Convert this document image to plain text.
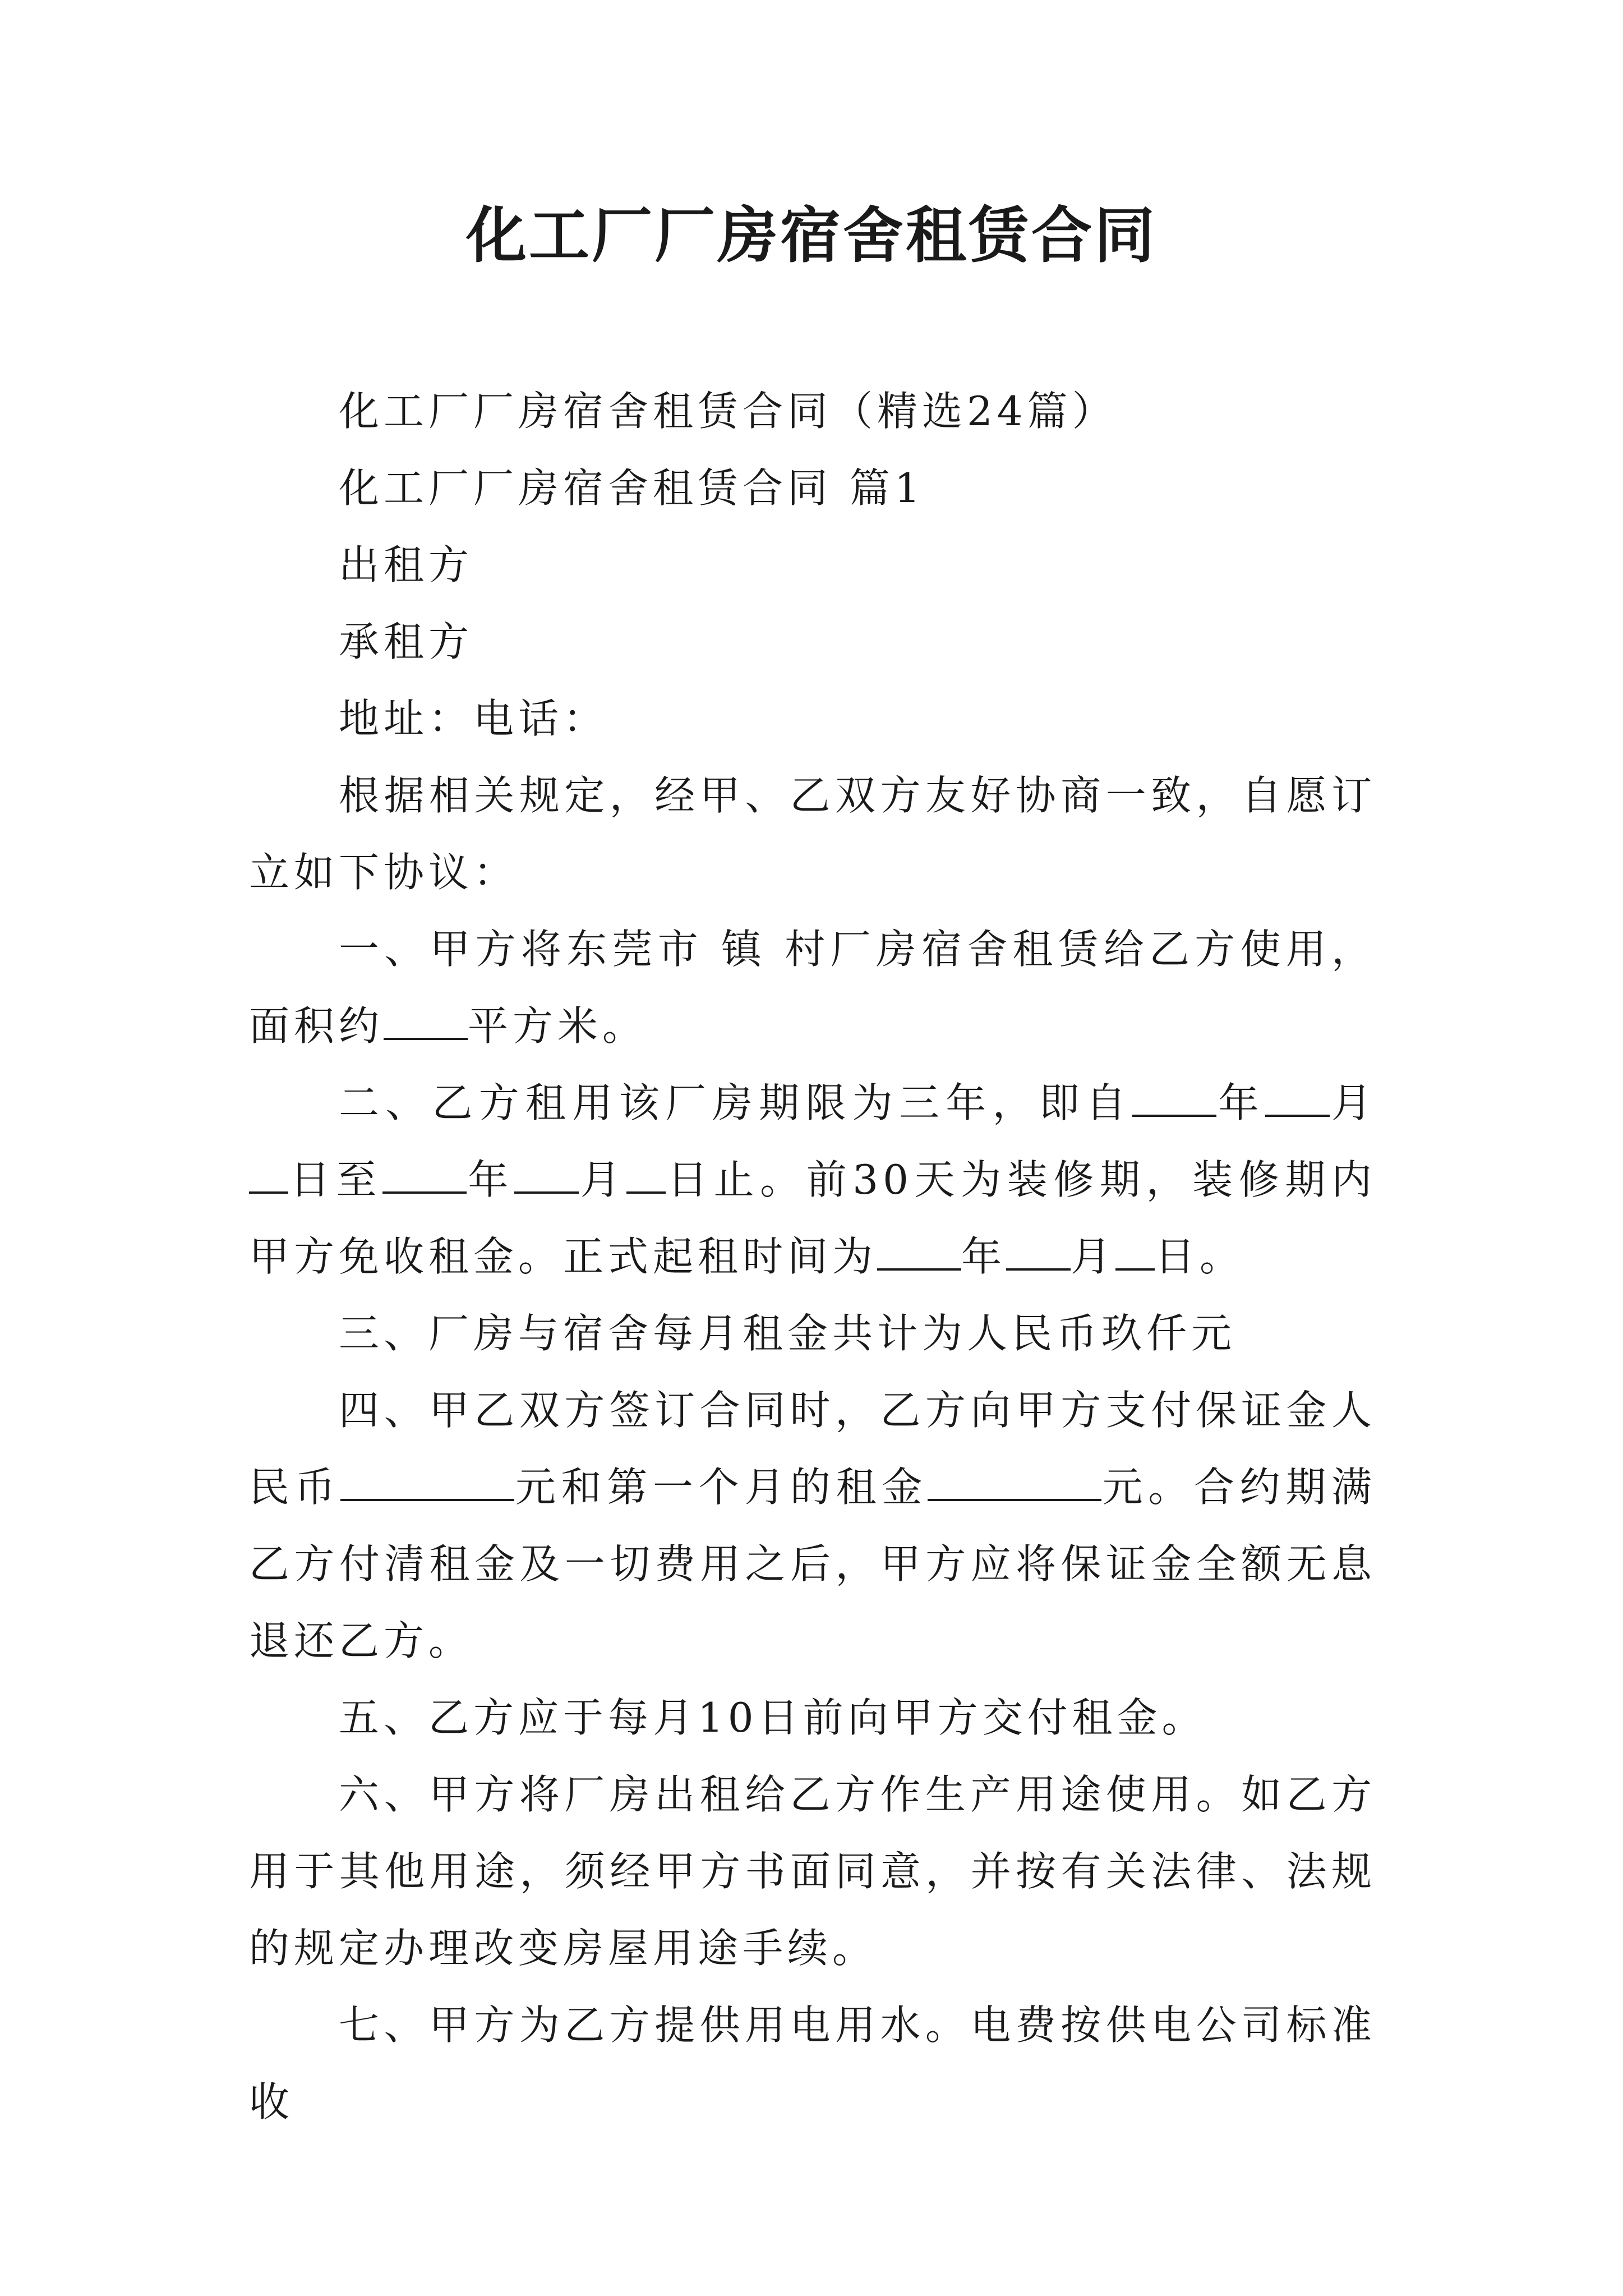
化工厂厂房宿舍租赁合同

化工厂厂房宿舍租赁合同（精选24篇）

化工厂厂房宿舍租赁合同 篇1

出租方

承租方

地址：电话：

根据相关规定，经甲、乙双方友好协商一致，自愿订立如下协议：

一、甲方将东莞市 镇 村厂房宿舍租赁给乙方使用，面积约 平方米。

二、乙方租用该厂房期限为三年，即自 年 月日至 年 月 日止。前30天为装修期，装修期内甲方免收租金。正式起租时间为 年 月 日。

三、厂房与宿舍每月租金共计为人民币玖仟元

四、甲乙双方签订合同时，乙方向甲方支付保证金人民币	元和第一个月的租金	元。合约期满乙方付清租金及一切费用之后，甲方应将保证金全额无息退还乙方。

五、乙方应于每月10日前向甲方交付租金。

六、甲方将厂房出租给乙方作生产用途使用。如乙方用于其他用途，须经甲方书面同意，并按有关法律、法规的规定办理改变房屋用途手续。

七、甲方为乙方提供用电用水。电费按供电公司标准收
